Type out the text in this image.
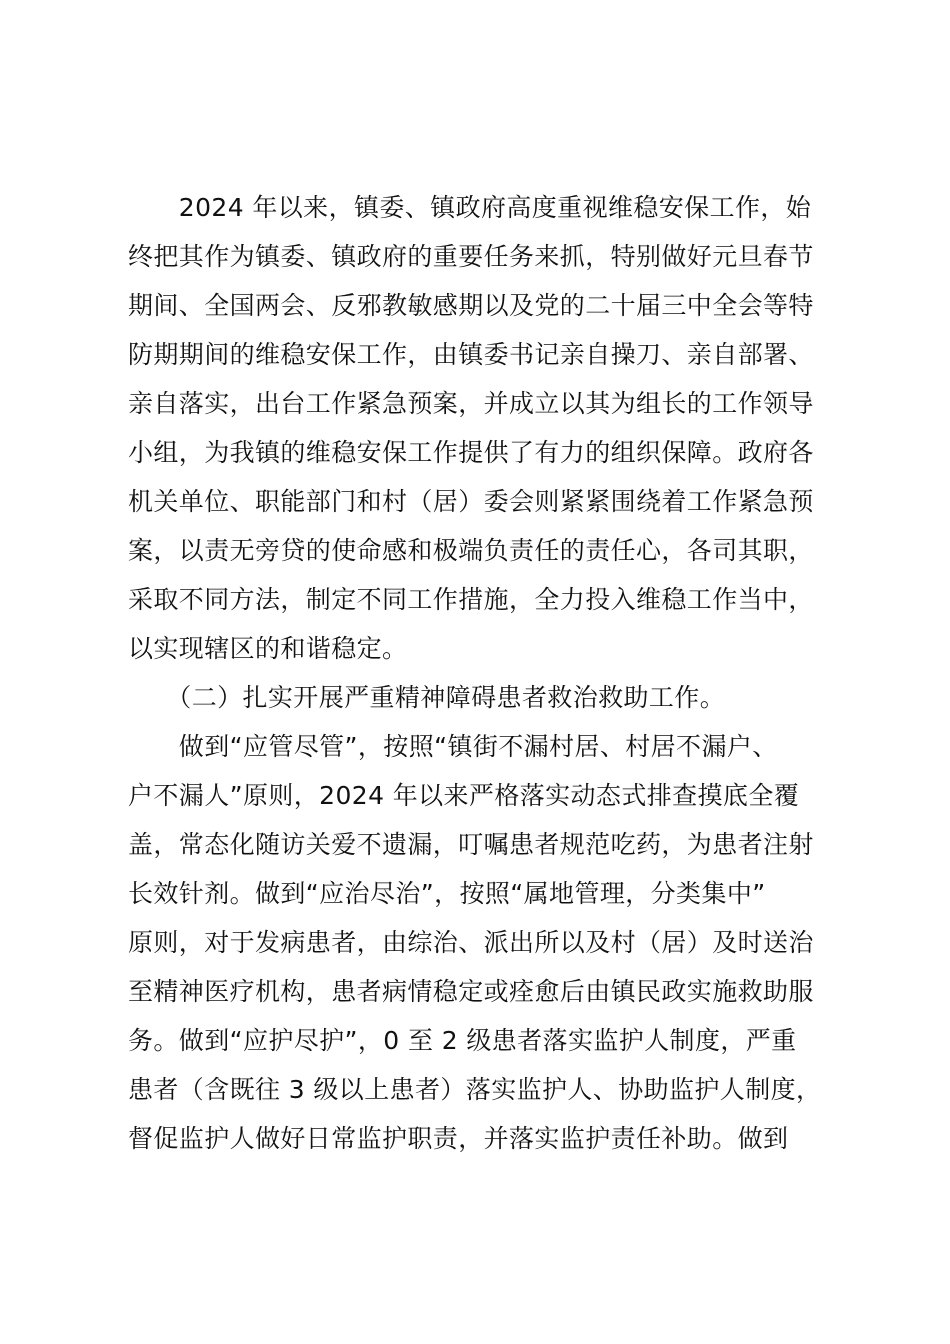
　　2024 年以来，镇委、镇政府高度重视维稳安保工作，始
终把其作为镇委、镇政府的重要任务来抓，特别做好元旦春节
期间、全国两会、反邪教敏感期以及党的二十届三中全会等特
防期期间的维稳安保工作，由镇委书记亲自操刀、亲自部署、
亲自落实，出台工作紧急预案，并成立以其为组长的工作领导
小组，为我镇的维稳安保工作提供了有力的组织保障。政府各
机关单位、职能部门和村（居）委会则紧紧围绕着工作紧急预
案，以责无旁贷的使命感和极端负责任的责任心，各司其职，
采取不同方法，制定不同工作措施，全力投入维稳工作当中，
以实现辖区的和谐稳定。
　　（二）扎实开展严重精神障碍患者救治救助工作。
　　做到“应管尽管”，按照“镇街不漏村居、村居不漏户、
户不漏人”原则，2024 年以来严格落实动态式排查摸底全覆
盖，常态化随访关爱不遗漏，叮嘱患者规范吃药，为患者注射
长效针剂。做到“应治尽治”，按照“属地管理，分类集中”
原则，对于发病患者，由综治、派出所以及村（居）及时送治
至精神医疗机构，患者病情稳定或痊愈后由镇民政实施救助服
务。做到“应护尽护”，0 至 2 级患者落实监护人制度，严重
患者（含既往 3 级以上患者）落实监护人、协助监护人制度，
督促监护人做好日常监护职责，并落实监护责任补助。做到
